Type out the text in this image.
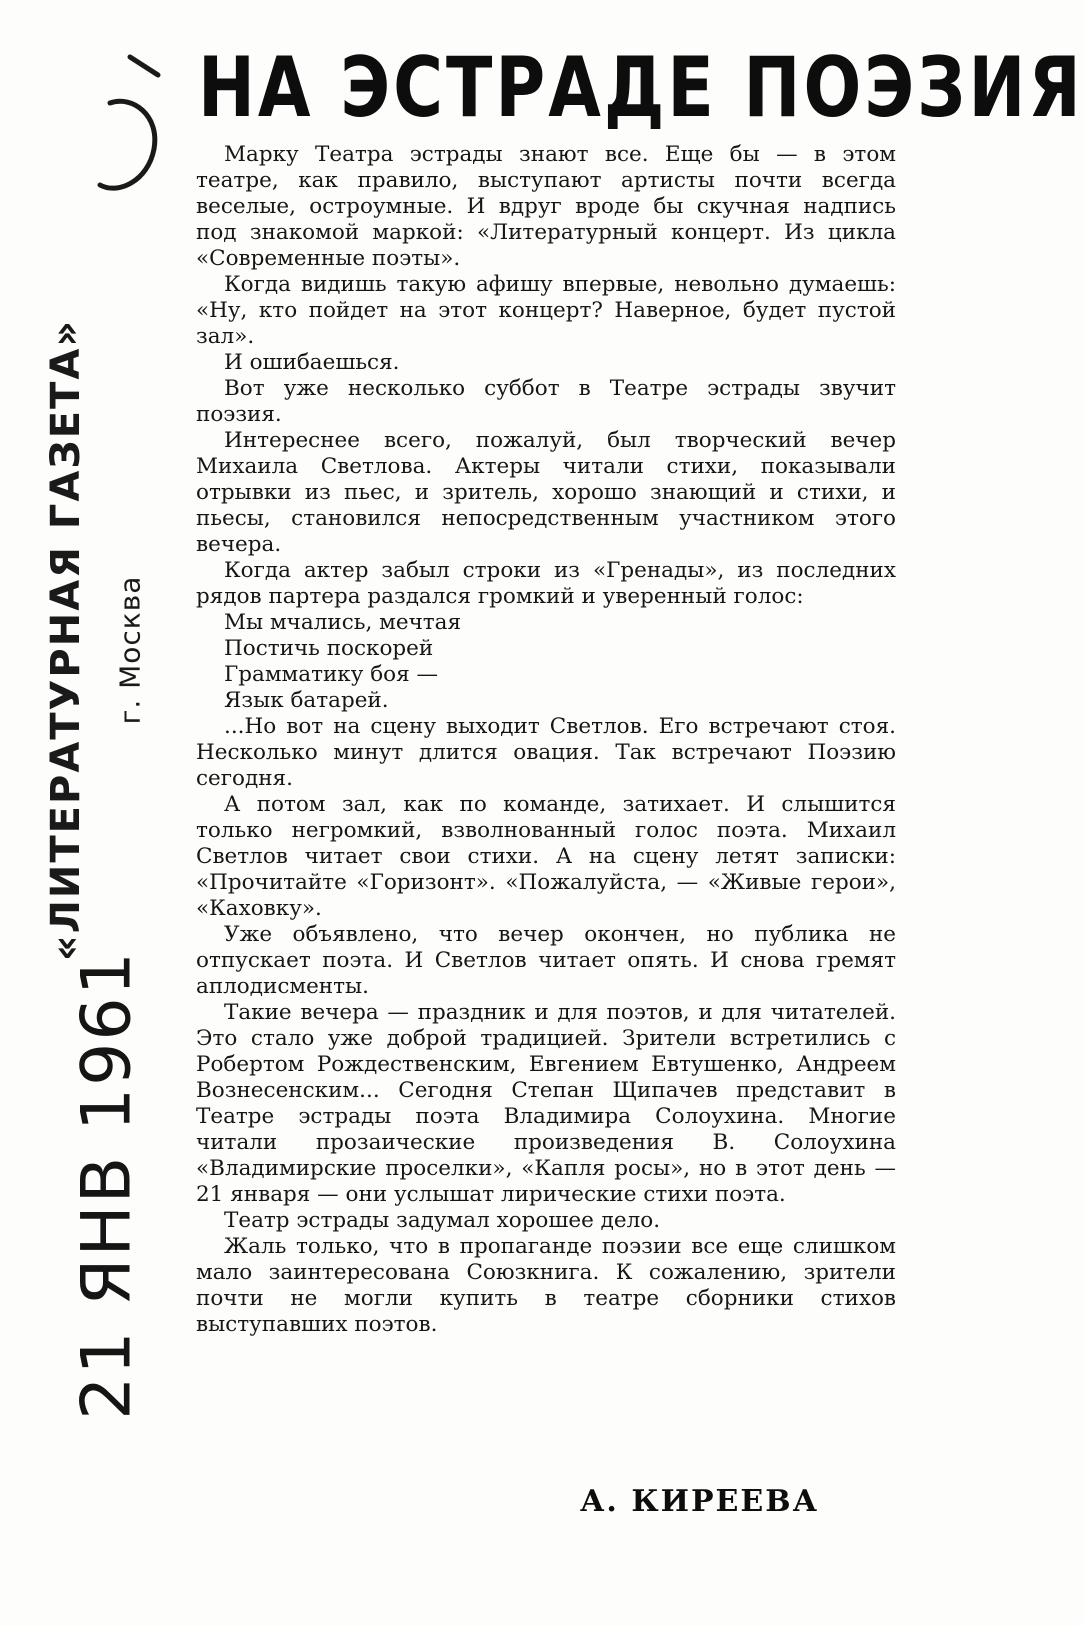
«ЛИТЕРАТУРНАЯ ГАЗЕТА» г. Москва
21 ЯНВ 1961
НА ЭСТРАДЕ ПОЭЗИЯ

Марку Театра эстрады знают все. Еще бы — в этом театре, как правило, выступают артисты почти всегда веселые, остроумные. И вдруг вроде бы скучная надпись под знакомой маркой: «Литературный концерт. Из цикла «Современные поэты».

Когда видишь такую афишу впервые, невольно думаешь: «Ну, кто пойдет на этот концерт? Наверное, будет пустой зал».

И ошибаешься.

Вот уже несколько суббот в Театре эстрады звучит поэзия.

Интереснее всего, пожалуй, был творческий вечер Михаила Светлова. Актеры читали стихи, показывали отрывки из пьес, и зритель, хорошо знающий и стихи, и пьесы, становился непосредственным участником этого вечера.

Когда актер забыл строки из «Гренады», из последних рядов партера раздался громкий и уверенный голос:

Мы мчались, мечтая

Постичь поскорей

Грамматику боя —

Язык батарей.

...Но вот на сцену выходит Светлов. Его встречают стоя. Несколько минут длится овация. Так встречают Поэзию сегодня.

А потом зал, как по команде, затихает. И слышится только негромкий, взволнованный голос поэта. Михаил Светлов читает свои стихи. А на сцену летят записки: «Прочитайте «Горизонт». «Пожалуйста, — «Живые герои», «Каховку».

Уже объявлено, что вечер окончен, но публика не отпускает поэта. И Светлов читает опять. И снова гремят аплодисменты.

Такие вечера — праздник и для поэтов, и для читателей. Это стало уже доброй традицией. Зрители встретились с Робертом Рождественским, Евгением Евтушенко, Андреем Вознесенским... Сегодня Степан Щипачев представит в Театре эстрады поэта Владимира Солоухина. Многие читали прозаические произведения В. Солоухина «Владимирские проселки», «Капля росы», но в этот день — 21 января — они услышат лирические стихи поэта.

Театр эстрады задумал хорошее дело.

Жаль только, что в пропаганде поэзии все еще слишком мало заинтересована Союзкнига. К сожалению, зрители почти не могли купить в театре сборники стихов выступавших поэтов.

А. КИРЕЕВА
